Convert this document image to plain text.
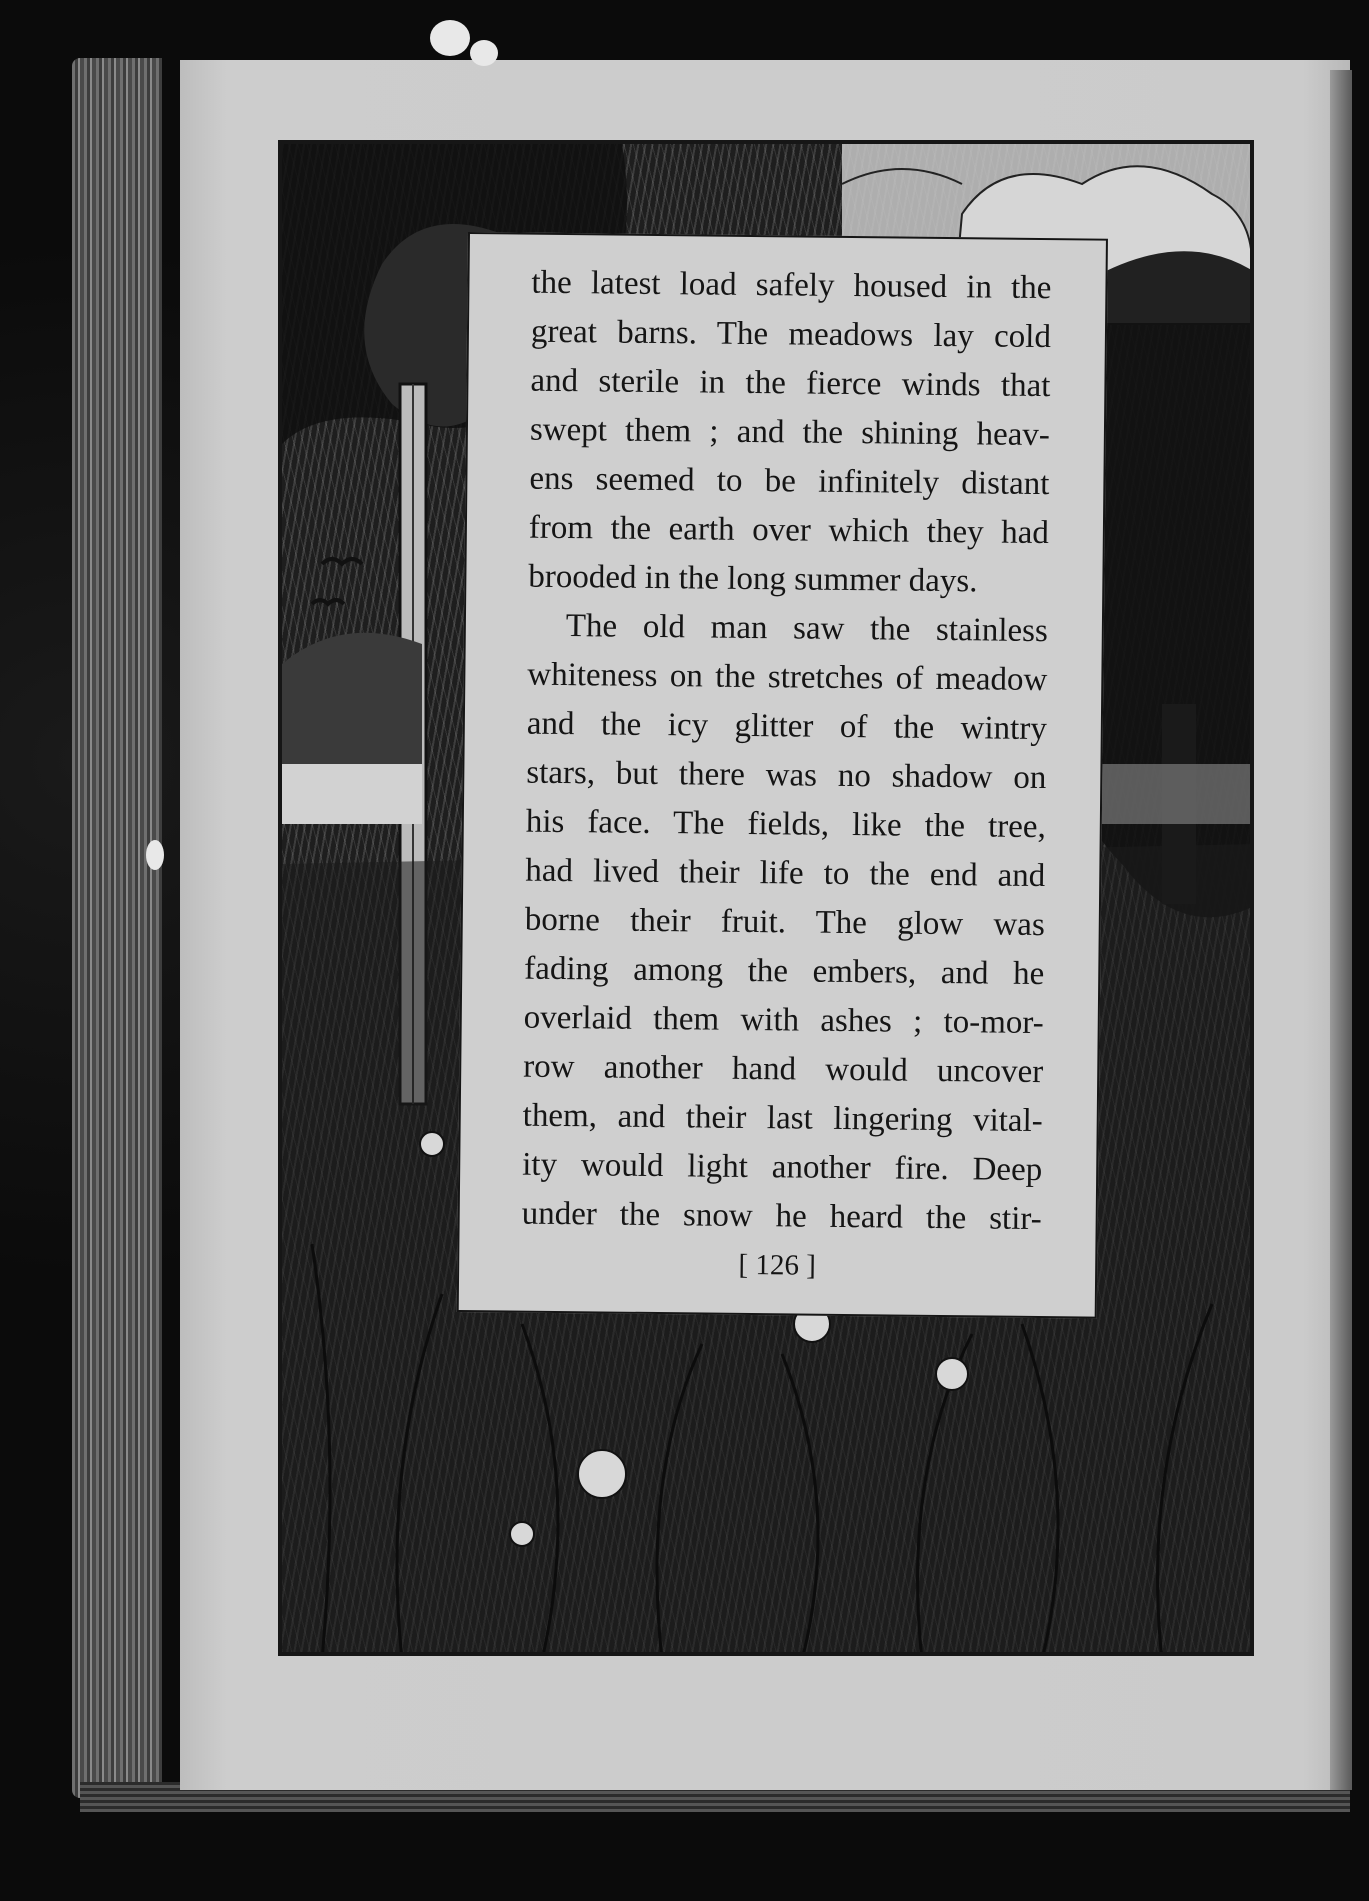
the latest load safely housed in the
great barns. The meadows lay cold
and sterile in the fierce winds that
swept them ; and the shining heav-
ens seemed to be infinitely distant
from the earth over which they had
brooded in the long summer days.
The old man saw the stainless
whiteness on the stretches of meadow
and the icy glitter of the wintry
stars, but there was no shadow on
his face. The fields, like the tree,
had lived their life to the end and
borne their fruit. The glow was
fading among the embers, and he
overlaid them with ashes ; to-mor-
row another hand would uncover
them, and their last lingering vital-
ity would light another fire. Deep
under the snow he heard the stir-
[ 126 ]
